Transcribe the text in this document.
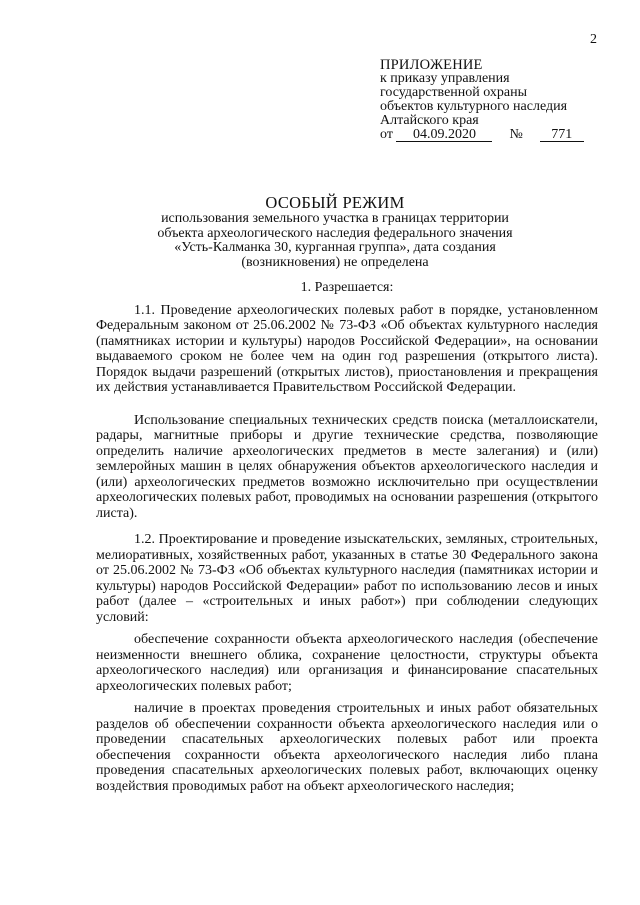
2
ПРИЛОЖЕНИЕ
к приказу управления
государственной охраны
объектов культурного наследия
Алтайского края
от 04.09.2020 № 771
ОСОБЫЙ РЕЖИМ
использования земельного участка в границах территории
объекта археологического наследия федерального значения
«Усть-Калманка 30, курганная группа», дата создания
(возникновения) не определена

1. Разрешается:

1.1. Проведение археологических полевых работ в порядке, установленном Федеральным законом от 25.06.2002 № 73-ФЗ «Об объектах культурного наследия (памятниках истории и культуры) народов Российской Федерации», на основании выдаваемого сроком не более чем на один год разрешения (открытого листа). Порядок выдачи разрешений (открытых листов), приостановления и прекращения их действия устанавливается Правительством Российской Федерации.

Использование специальных технических средств поиска (металлоискатели, радары, магнитные приборы и другие технические средства, позволяющие определить наличие археологических предметов в месте залегания) и (или) землеройных машин в целях обнаружения объектов археологического наследия и (или) археологических предметов возможно исключительно при осуществлении археологических полевых работ, проводимых на основании разрешения (открытого листа).

1.2. Проектирование и проведение изыскательских, земляных, строительных, мелиоративных, хозяйственных работ, указанных в статье 30 Федерального закона от 25.06.2002 № 73-ФЗ «Об объектах культурного наследия (памятниках истории и культуры) народов Российской Федерации» работ по использованию лесов и иных работ (далее – «строительных и иных работ») при соблюдении следующих условий:

обеспечение сохранности объекта археологического наследия (обеспечение неизменности внешнего облика, сохранение целостности, структуры объекта археологического наследия) или организация и финансирование спасательных археологических полевых работ;

наличие в проектах проведения строительных и иных работ обязательных разделов об обеспечении сохранности объекта археологического наследия или о проведении спасательных археологических полевых работ или проекта обеспечения сохранности объекта археологического наследия либо плана проведения спасательных археологических полевых работ, включающих оценку воздействия проводимых работ на объект археологического наследия;
